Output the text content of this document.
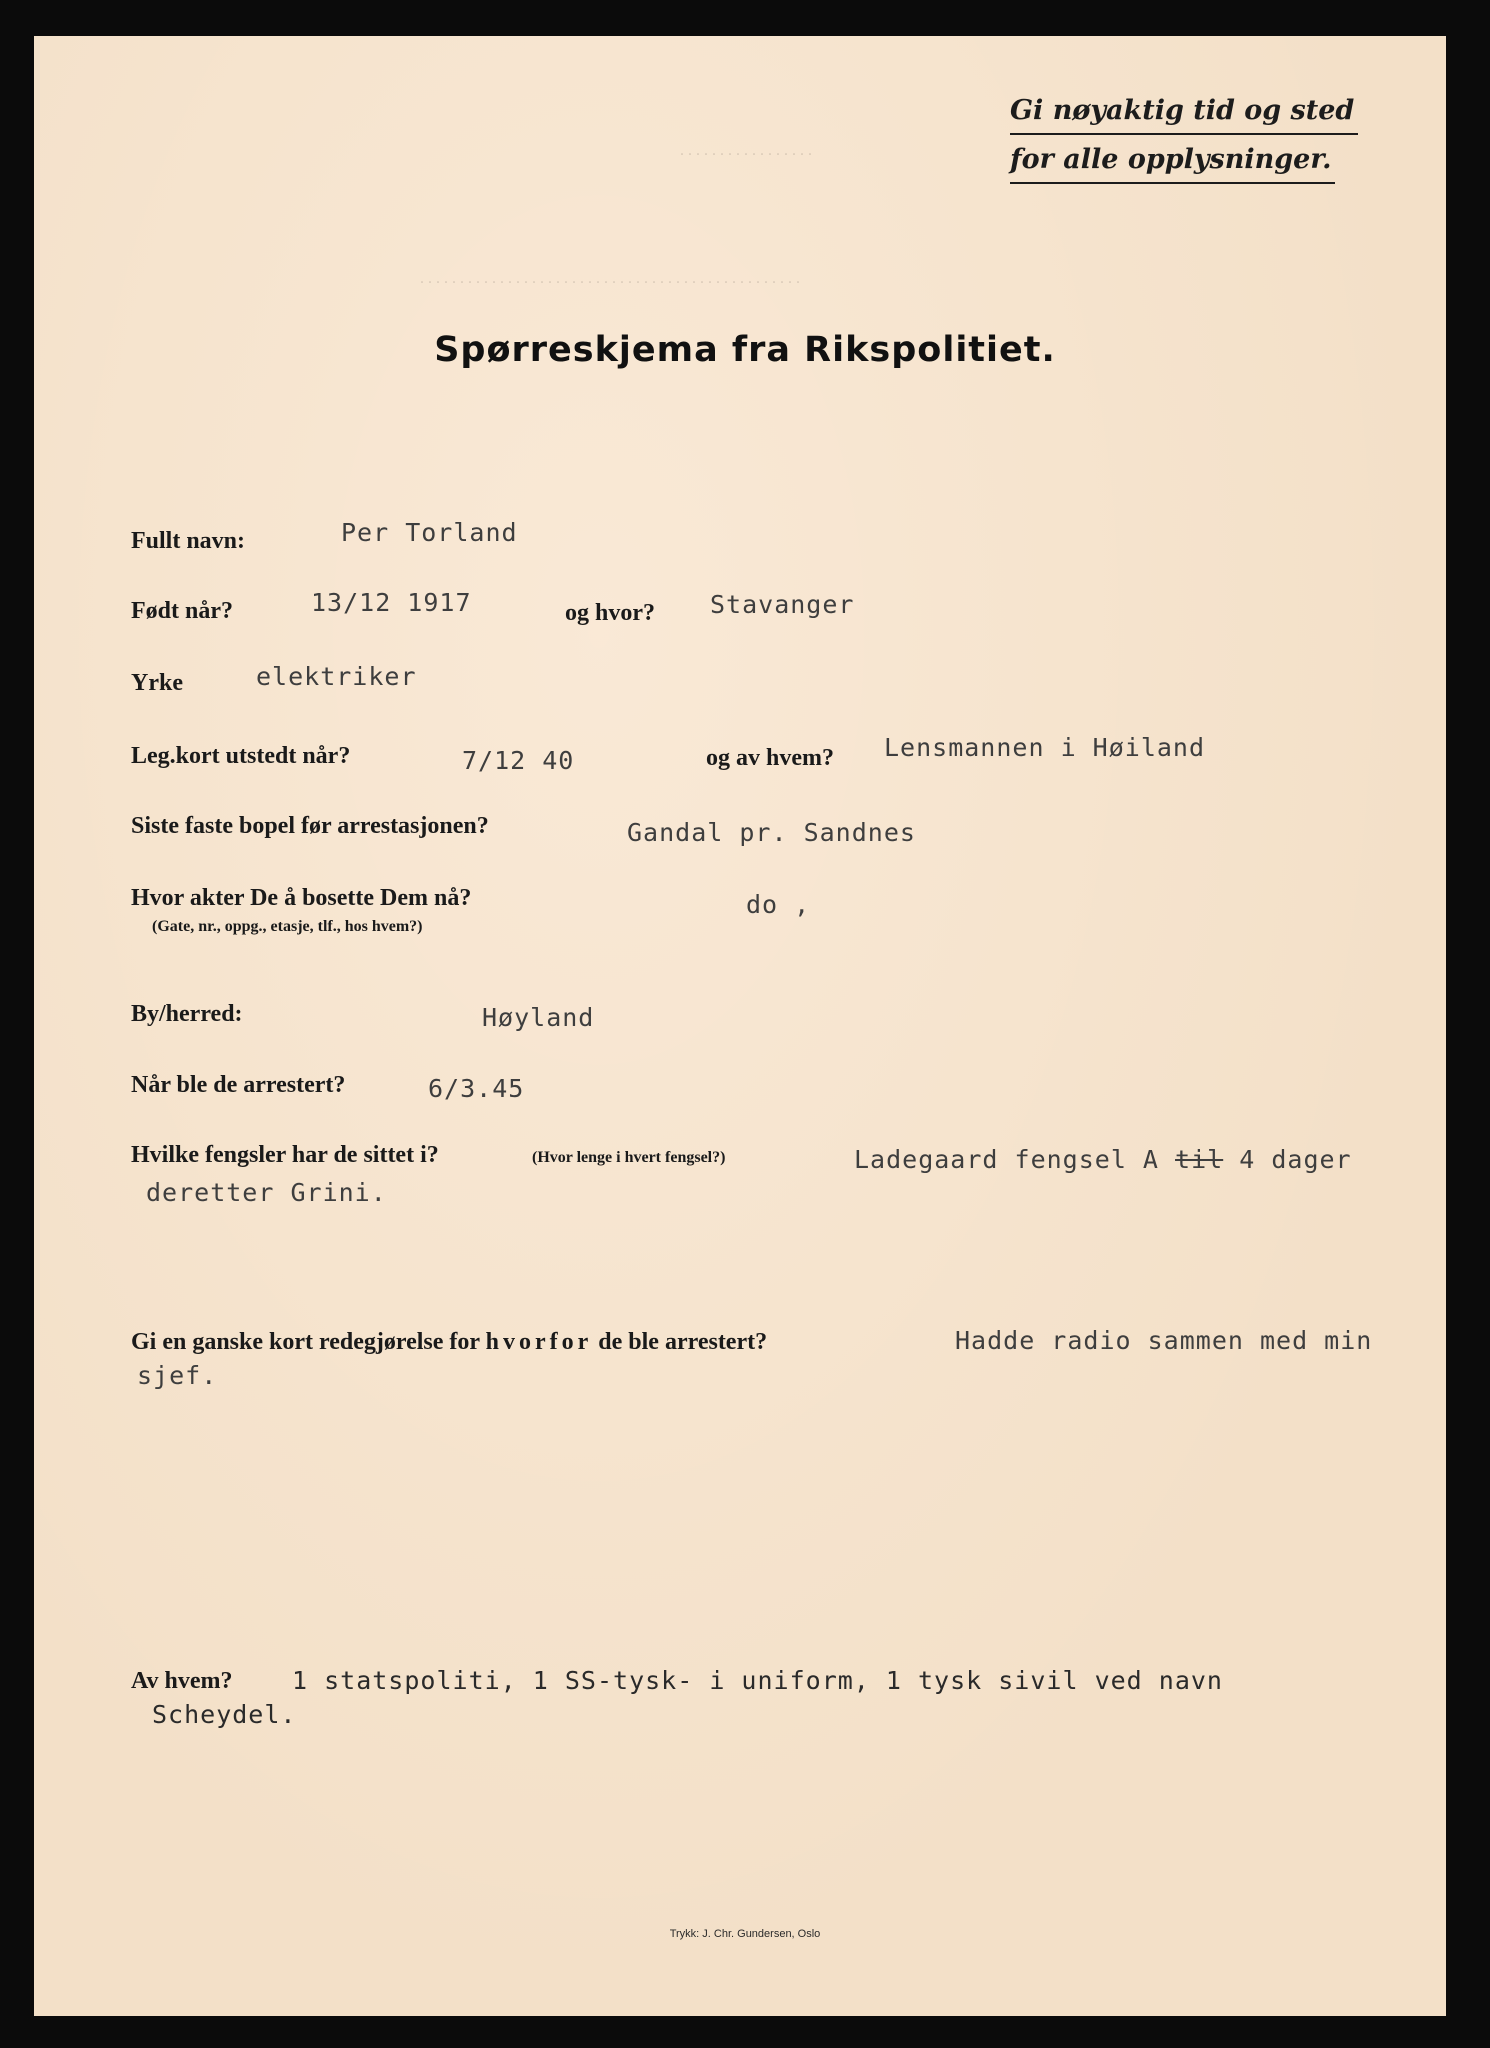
Gi nøyaktig tid og sted
for alle opplysninger.
. . . . . . . . . . . . . . . . .
. . . . . . . . . . . . . . . . . . . . . . . . . . . . . . . . . . . . . . . . . . . . . . . .
Spørreskjema fra Rikspolitiet.
Fullt navn:	Per Torland
Født når?	13/12 1917	og hvor? Stavanger
Yrke	elektriker
Leg.kort utstedt når?	7/12 40	og av hvem? Lensmannen i Høiland
Siste faste bopel før arrestasjonen?	Gandal pr. Sandnes
Hvor akter De å bosette Dem nå?
(Gate, nr., oppg., etasje, tlf., hos hvem?)
do ,
By/herred:	Høyland
Når ble de arrestert?	6/3.45
Hvilke fengsler har de sittet i?	(Hvor lenge i hvert fengsel?)	Ladegaard fengsel A til 4 dager
deretter Grini.
Gi en ganske kort redegjørelse for hvorfor de ble arrestert?	Hadde radio sammen med min
sjef.
Av hvem? 1 statspoliti, 1 SS-tysk- i uniform, 1 tysk sivil ved navn
Scheydel.
Trykk: J. Chr. Gundersen, Oslo
